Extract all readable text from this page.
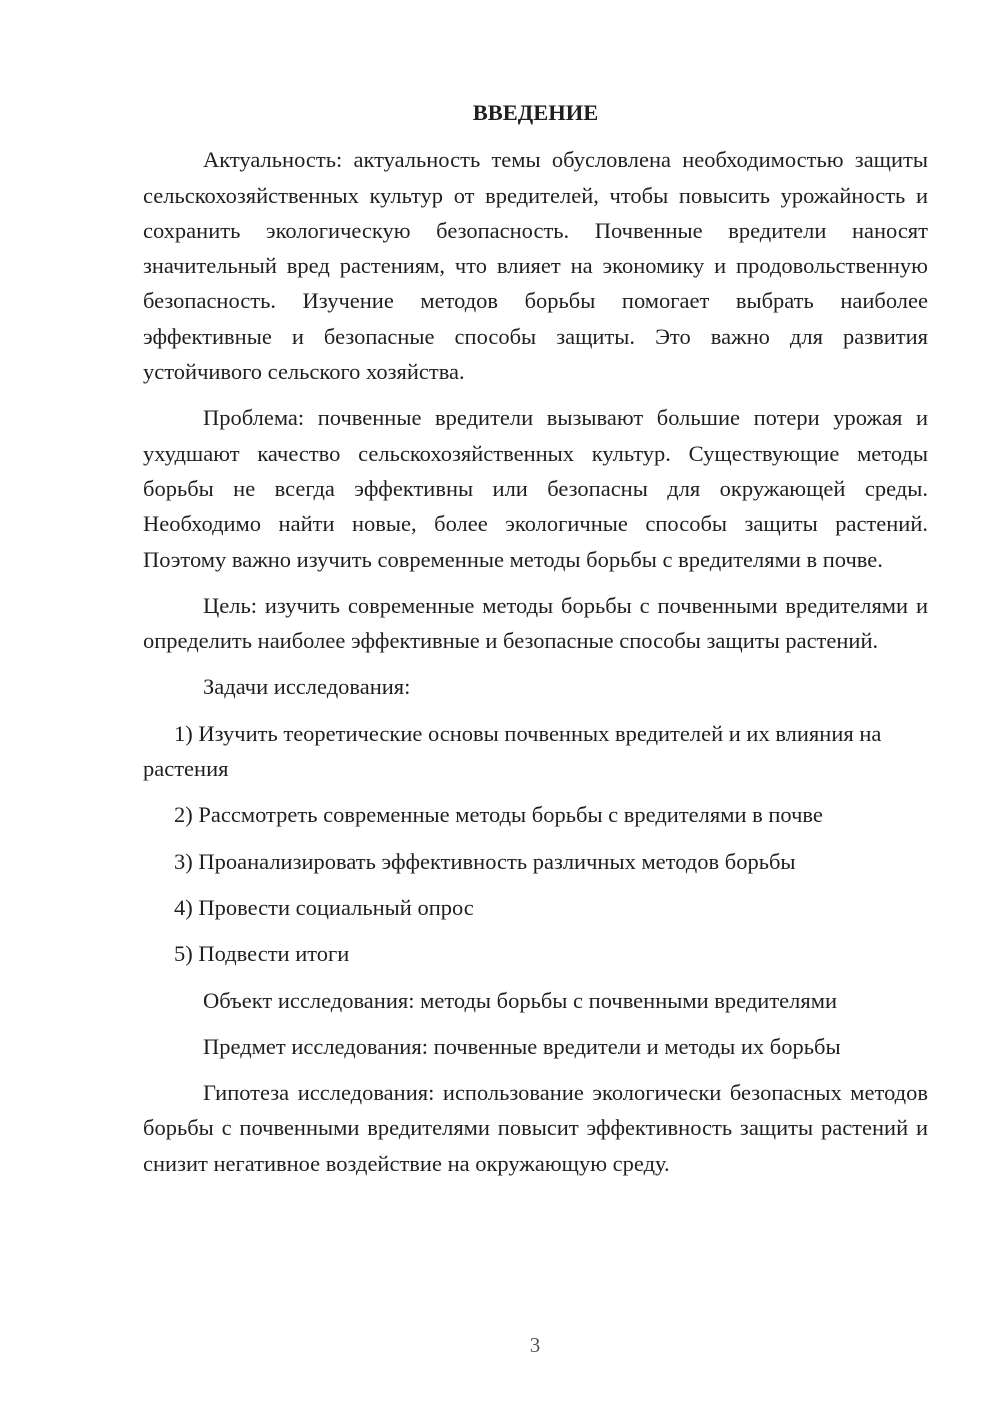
ВВЕДЕНИЕ

Актуальность: актуальность темы обусловлена необходимостью защиты сельскохозяйственных культур от вредителей, чтобы повысить урожайность и сохранить экологическую безопасность. Почвенные вредители наносят значительный вред растениям, что влияет на экономику и продовольственную безопасность. Изучение методов борьбы помогает выбрать наиболее эффективные и безопасные способы защиты. Это важно для развития устойчивого сельского хозяйства.

Проблема: почвенные вредители вызывают большие потери урожая и ухудшают качество сельскохозяйственных культур. Существующие методы борьбы не всегда эффективны или безопасны для окружающей среды. Необходимо найти новые, более экологичные способы защиты растений. Поэтому важно изучить современные методы борьбы с вредителями в почве.

Цель: изучить современные методы борьбы с почвенными вредителями и определить наиболее эффективные и безопасные способы защиты растений.

Задачи исследования:

1) Изучить теоретические основы почвенных вредителей и их влияния на растения

2) Рассмотреть современные методы борьбы с вредителями в почве

3) Проанализировать эффективность различных методов борьбы

4) Провести социальный опрос

5) Подвести итоги

Объект исследования: методы борьбы с почвенными вредителями

Предмет исследования: почвенные вредители и методы их борьбы

Гипотеза исследования: использование экологически безопасных методов борьбы с почвенными вредителями повысит эффективность защиты растений и снизит негативное воздействие на окружающую среду.

3
